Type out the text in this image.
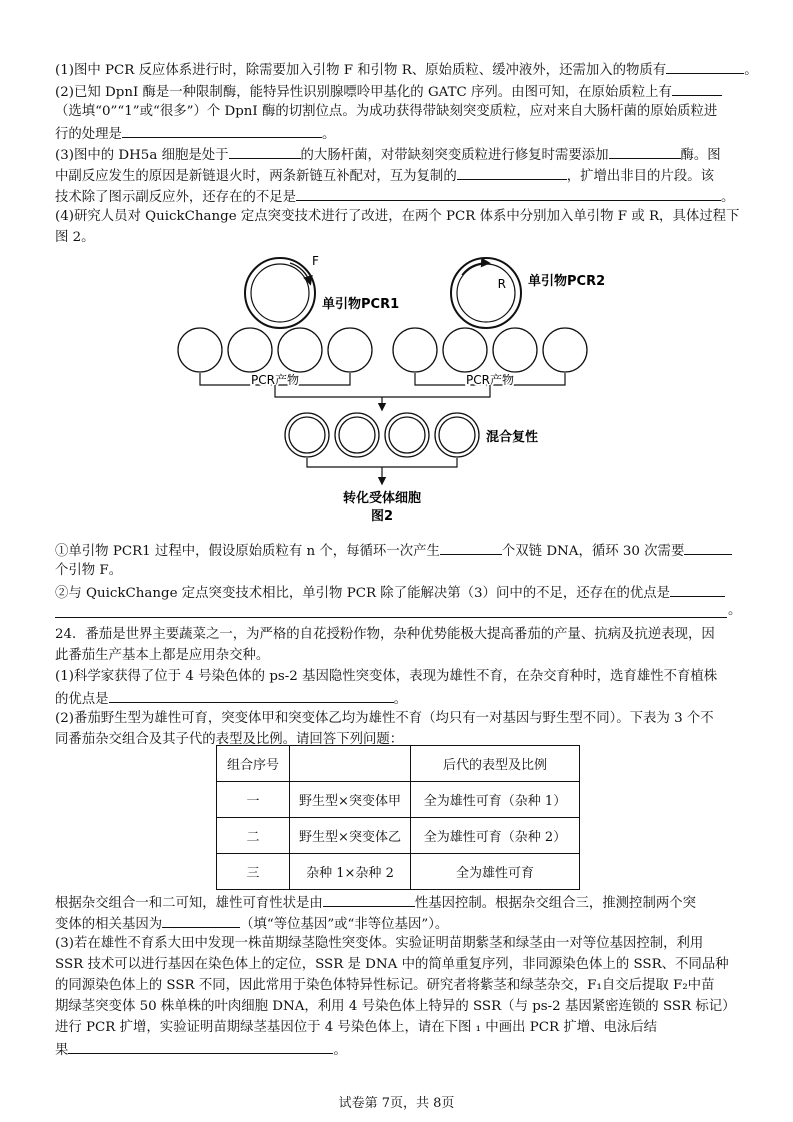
(1)图中 PCR 反应体系进行时，除需要加入引物 F 和引物 R、原始质粒、缓冲液外，还需加入的物质有	。
(2)已知 DpnI 酶是一种限制酶，能特异性识别腺嘌呤甲基化的 GATC 序列。由图可知，在原始质粒上有
（选填“0”“1”或“很多”）个 DpnI 酶的切割位点。为成功获得带缺刻突变质粒，应对来自大肠杆菌的原始质粒进
行的处理是	。
(3)图中的 DH5a 细胞是处于	的大肠杆菌，对带缺刻突变质粒进行修复时需要添加	酶。图
中副反应发生的原因是新链退火时，两条新链互补配对，互为复制的	，扩增出非目的片段。该
技术除了图示副反应外，还存在的不足是	。
(4)研究人员对 QuickChange 定点突变技术进行了改进，在两个 PCR 体系中分别加入单引物 F 或 R，具体过程下
图 2。
F
单引物PCR1
R 单引物PCR2
PCR产物	PCR产物
混合复性
转化受体细胞
图2
①单引物 PCR1 过程中，假设原始质粒有 n 个，每循环一次产生	个双链 DNA，循环 30 次需要
个引物 F。
②与 QuickChange 定点突变技术相比，单引物 PCR 除了能解决第（3）问中的不足，还存在的优点是
。
24．番茄是世界主要蔬菜之一，为严格的自花授粉作物，杂种优势能极大提高番茄的产量、抗病及抗逆表现，因
此番茄生产基本上都是应用杂交种。
(1)科学家获得了位于 4 号染色体的 ps-2 基因隐性突变体，表现为雄性不育，在杂交育种时，选育雄性不育植株
的优点是	。
(2)番茄野生型为雄性可育，突变体甲和突变体乙均为雄性不育（均只有一对基因与野生型不同）。下表为 3 个不
同番茄杂交组合及其子代的表型及比例。请回答下列问题：
组合序号		后代的表型及比例
一	野生型×突变体甲	全为雄性可育（杂种 1）
二	野生型×突变体乙	全为雄性可育（杂种 2）
三	杂种 1×杂种 2	全为雄性可育
根据杂交组合一和二可知，雄性可育性状是由	性基因控制。根据杂交组合三，推测控制两个突
变体的相关基因为	（填“等位基因”或“非等位基因”）。
(3)若在雄性不育系大田中发现一株苗期绿茎隐性突变体。实验证明苗期紫茎和绿茎由一对等位基因控制，利用
SSR 技术可以进行基因在染色体上的定位，SSR 是 DNA 中的简单重复序列，非同源染色体上的 SSR、不同品种
的同源染色体上的 SSR 不同，因此常用于染色体特异性标记。研究者将紫茎和绿茎杂交，F₁自交后提取 F₂中苗
期绿茎突变体 50 株单株的叶肉细胞 DNA，利用 4 号染色体上特异的 SSR（与 ps-2 基因紧密连锁的 SSR 标记）
进行 PCR 扩增，实验证明苗期绿茎基因位于 4 号染色体上，请在下图 ₁ 中画出 PCR 扩增、电泳后结
果	。
试卷第 7页，共 8页
